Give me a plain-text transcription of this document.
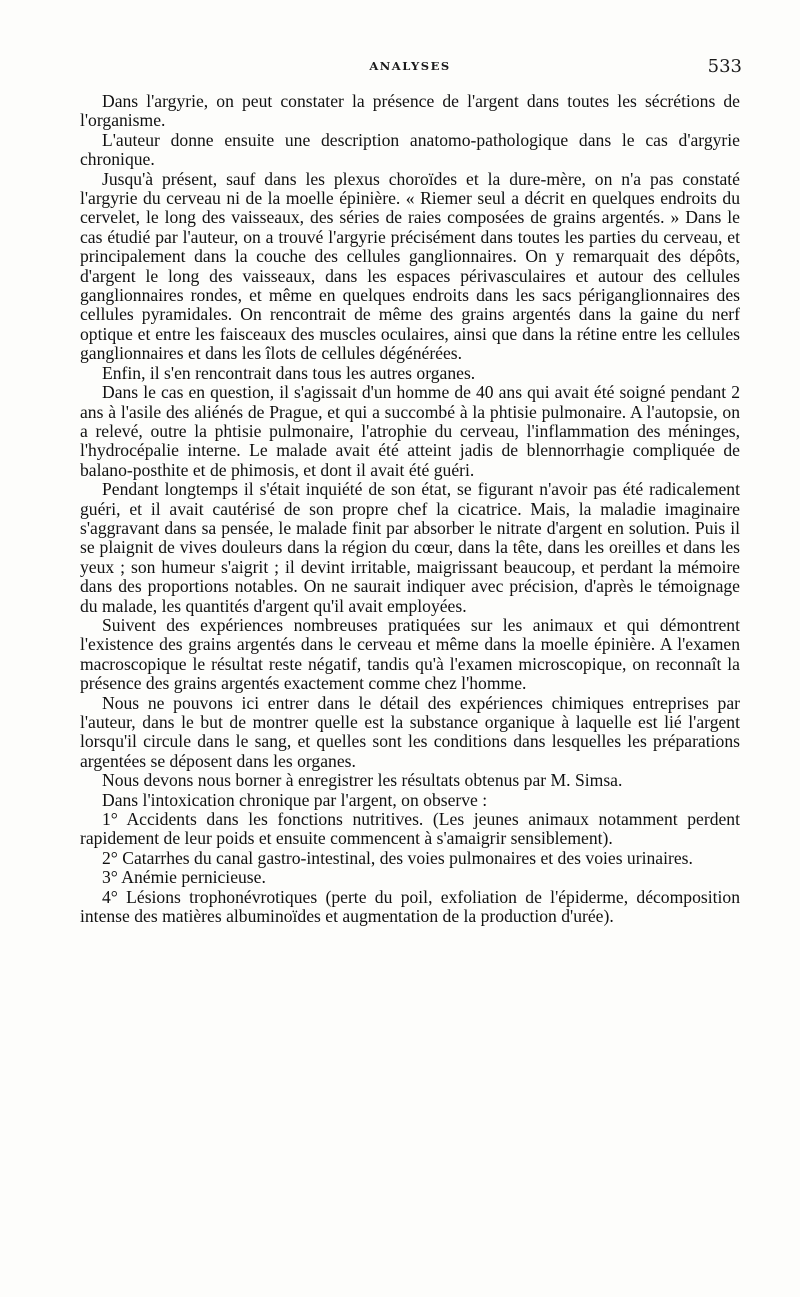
ANALYSES	533

Dans l'argyrie, on peut constater la présence de l'argent dans toutes les sécrétions de l'organisme.

L'auteur donne ensuite une description anatomo-pathologique dans le cas d'argyrie chronique.

Jusqu'à présent, sauf dans les plexus choroïdes et la dure-mère, on n'a pas constaté l'argyrie du cerveau ni de la moelle épinière. « Riemer seul a décrit en quelques endroits du cervelet, le long des vaisseaux, des séries de raies composées de grains argentés. » Dans le cas étudié par l'auteur, on a trouvé l'argyrie précisément dans toutes les parties du cerveau, et principalement dans la couche des cellules ganglionnaires. On y remarquait des dépôts, d'argent le long des vaisseaux, dans les espaces périvasculaires et autour des cellules ganglionnaires rondes, et même en quelques endroits dans les sacs périganglionnaires des cellules pyramidales. On rencontrait de même des grains argentés dans la gaine du nerf optique et entre les faisceaux des muscles oculaires, ainsi que dans la rétine entre les cellules ganglionnaires et dans les îlots de cellules dégénérées.

Enfin, il s'en rencontrait dans tous les autres organes.

Dans le cas en question, il s'agissait d'un homme de 40 ans qui avait été soigné pendant 2 ans à l'asile des aliénés de Prague, et qui a succombé à la phtisie pulmonaire. A l'autopsie, on a relevé, outre la phtisie pulmonaire, l'atrophie du cerveau, l'inflammation des méninges, l'hydrocépalie interne. Le malade avait été atteint jadis de blennorrhagie compliquée de balano-posthite et de phimosis, et dont il avait été guéri.

Pendant longtemps il s'était inquiété de son état, se figurant n'avoir pas été radicalement guéri, et il avait cautérisé de son propre chef la cicatrice. Mais, la maladie imaginaire s'aggravant dans sa pensée, le malade finit par absorber le nitrate d'argent en solution. Puis il se plaignit de vives douleurs dans la région du cœur, dans la tête, dans les oreilles et dans les yeux ; son humeur s'aigrit ; il devint irritable, maigrissant beaucoup, et perdant la mémoire dans des proportions notables. On ne saurait indiquer avec précision, d'après le témoignage du malade, les quantités d'argent qu'il avait employées.

Suivent des expériences nombreuses pratiquées sur les animaux et qui démontrent l'existence des grains argentés dans le cerveau et même dans la moelle épinière. A l'examen macroscopique le résultat reste négatif, tandis qu'à l'examen microscopique, on reconnaît la présence des grains argentés exactement comme chez l'homme.

Nous ne pouvons ici entrer dans le détail des expériences chimiques entreprises par l'auteur, dans le but de montrer quelle est la substance organique à laquelle est lié l'argent lorsqu'il circule dans le sang, et quelles sont les conditions dans lesquelles les préparations argentées se déposent dans les organes.

Nous devons nous borner à enregistrer les résultats obtenus par M. Simsa.

Dans l'intoxication chronique par l'argent, on observe :

1° Accidents dans les fonctions nutritives. (Les jeunes animaux notamment perdent rapidement de leur poids et ensuite commencent à s'amaigrir sensiblement).

2° Catarrhes du canal gastro-intestinal, des voies pulmonaires et des voies urinaires.

3° Anémie pernicieuse.

4° Lésions trophonévrotiques (perte du poil, exfoliation de l'épiderme, décomposition intense des matières albuminoïdes et augmentation de la production d'urée).
